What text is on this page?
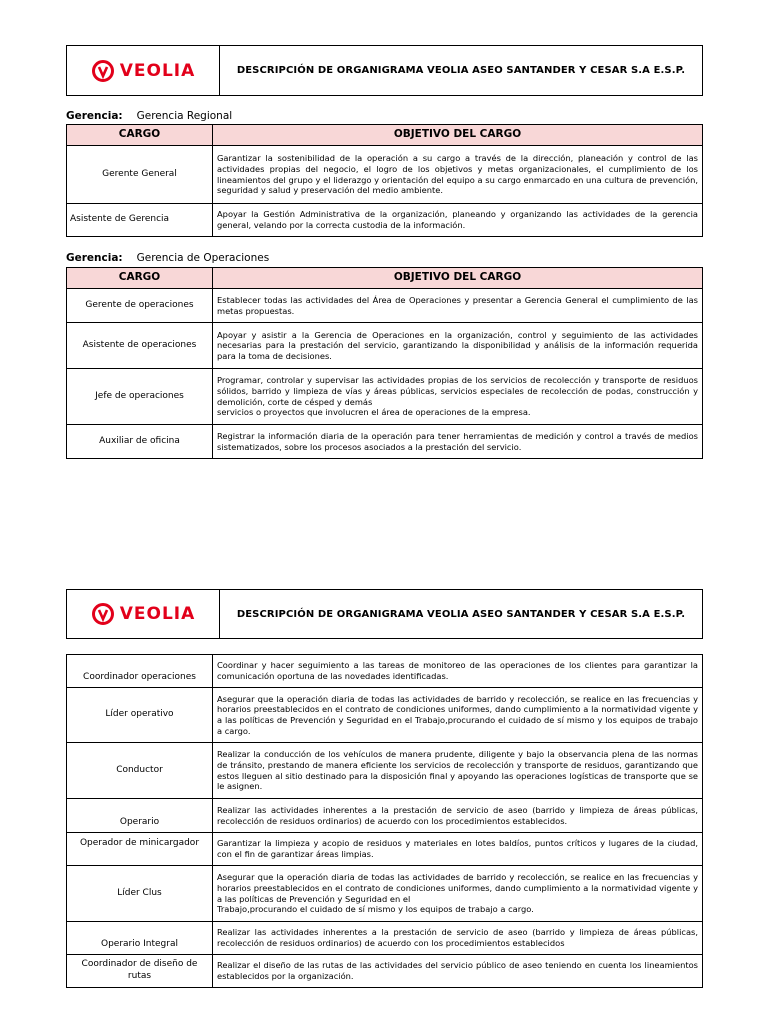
VEOLIA	DESCRIPCIÓN DE ORGANIGRAMA VEOLIA ASEO SANTANDER Y CESAR S.A E.S.P.
Gerencia: Gerencia Regional
CARGO	OBJETIVO DEL CARGO
Gerente General	Garantizar la sostenibilidad de la operación a su cargo a través de la dirección, planeación y control de las actividades propias del negocio, el logro de los objetivos y metas organizacionales, el cumplimiento de los lineamientos del grupo y el liderazgo y orientación del equipo a su cargo enmarcado en una cultura de prevención, seguridad y salud y preservación del medio ambiente.
Asistente de Gerencia	Apoyar la Gestión Administrativa de la organización, planeando y organizando las actividades de la gerencia general, velando por la correcta custodia de la información.
Gerencia: Gerencia de Operaciones
CARGO	OBJETIVO DEL CARGO
Gerente de operaciones	Establecer todas las actividades del Área de Operaciones y presentar a Gerencia General el cumplimiento de las metas propuestas.
Asistente de operaciones	Apoyar y asistir a la Gerencia de Operaciones en la organización, control y seguimiento de las actividades necesarias para la prestación del servicio, garantizando la disponibilidad y análisis de la información requerida para la toma de decisiones.
Jefe de operaciones	Programar, controlar y supervisar las actividades propias de los servicios de recolección y transporte de residuos sólidos, barrido y limpieza de vías y áreas públicas, servicios especiales de recolección de podas, construcción y demolición, corte de césped y demás
servicios o proyectos que involucren el área de operaciones de la empresa.
Auxiliar de oficina	Registrar la información diaria de la operación para tener herramientas de medición y control a través de medios sistematizados, sobre los procesos asociados a la prestación del servicio.
VEOLIA	DESCRIPCIÓN DE ORGANIGRAMA VEOLIA ASEO SANTANDER Y CESAR S.A E.S.P.
Coordinador operaciones	Coordinar y hacer seguimiento a las tareas de monitoreo de las operaciones de los clientes para garantizar la comunicación oportuna de las novedades identificadas.
Líder operativo	Asegurar que la operación diaria de todas las actividades de barrido y recolección, se realice en las frecuencias y horarios preestablecidos en el contrato de condiciones uniformes, dando cumplimiento a la normatividad vigente y a las políticas de Prevención y Seguridad en el Trabajo,procurando el cuidado de sí mismo y los equipos de trabajo a cargo.
Conductor	Realizar la conducción de los vehículos de manera prudente, diligente y bajo la observancia plena de las normas de tránsito, prestando de manera eficiente los servicios de recolección y transporte de residuos, garantizando que estos lleguen al sitio destinado para la disposición final y apoyando las operaciones logísticas de transporte que se le asignen.
Operario	Realizar las actividades inherentes a la prestación de servicio de aseo (barrido y limpieza de áreas públicas, recolección de residuos ordinarios) de acuerdo con los procedimientos establecidos.
Operador de minicargador	Garantizar la limpieza y acopio de residuos y materiales en lotes baldíos, puntos críticos y lugares de la ciudad, con el fin de garantizar áreas limpias.
Líder Clus	Asegurar que la operación diaria de todas las actividades de barrido y recolección, se realice en las frecuencias y horarios preestablecidos en el contrato de condiciones uniformes, dando cumplimiento a la normatividad vigente y a las políticas de Prevención y Seguridad en el
Trabajo,procurando el cuidado de sí mismo y los equipos de trabajo a cargo.
Operario Integral	Realizar las actividades inherentes a la prestación de servicio de aseo (barrido y limpieza de áreas públicas, recolección de residuos ordinarios) de acuerdo con los procedimientos establecidos
Coordinador de diseño de rutas	Realizar el diseño de las rutas de las actividades del servicio público de aseo teniendo en cuenta los lineamientos establecidos por la organización.
